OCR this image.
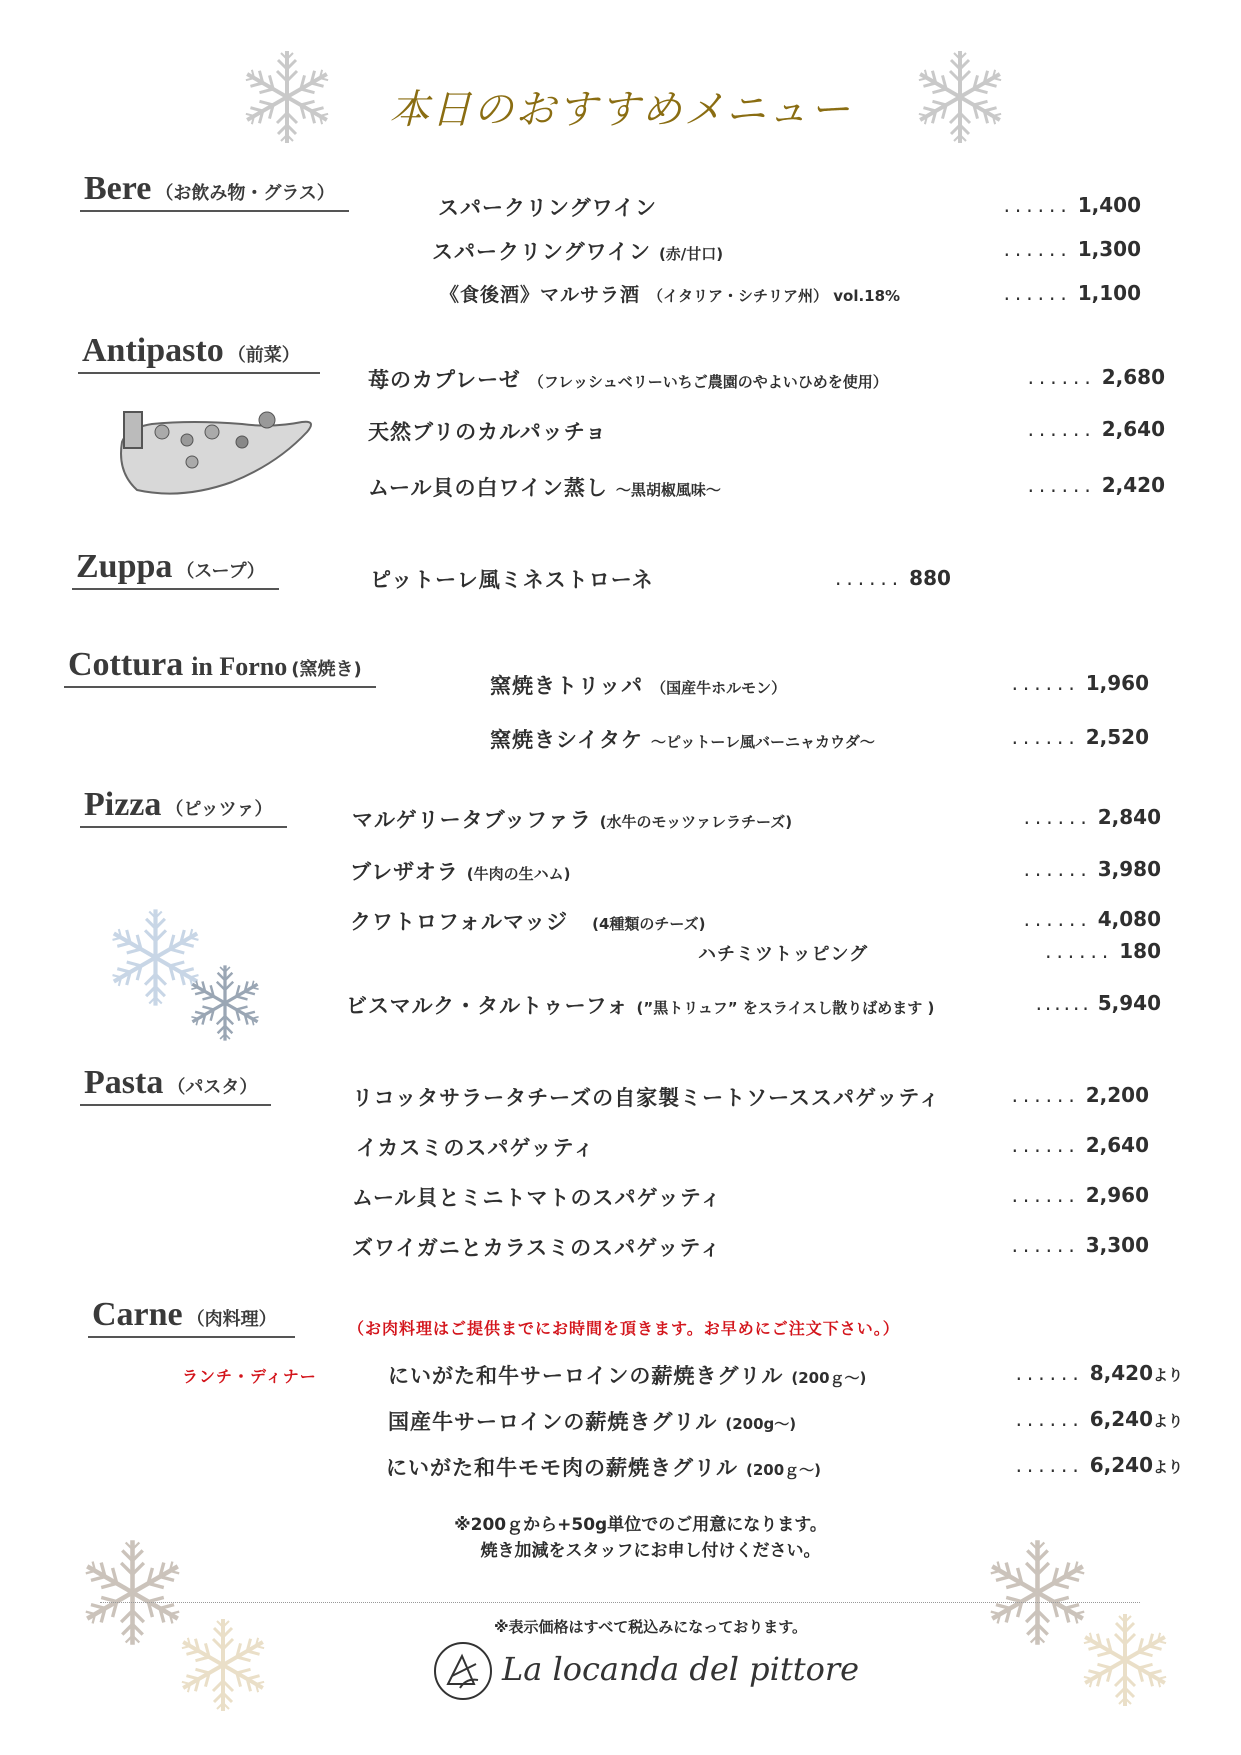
本日のおすすめメニュー
Bere （お飲み物・グラス）
スパークリングワイン	...... 1,400
スパークリングワイン (赤/甘口)	...... 1,300
《食後酒》マルサラ酒 （イタリア・シチリア州） vol.18%	...... 1,100
Antipasto （前菜）
苺のカプレーゼ （フレッシュベリーいちご農園のやよいひめを使用）	...... 2,680
天然ブリのカルパッチョ	...... 2,640
ムール貝の白ワイン蒸し 〜黒胡椒風味〜	...... 2,420
Zuppa （スープ）	ピットーレ風ミネストローネ	...... 880
Cottura in Forno (窯焼き)
窯焼きトリッパ （国産牛ホルモン）	...... 1,960
窯焼きシイタケ 〜ピットーレ風バーニャカウダ〜	...... 2,520
Pizza （ピッツァ）	マルゲリータブッファラ (水牛のモッツァレラチーズ)	...... 2,840
ブレザオラ (牛肉の生ハム)	...... 3,980
クワトロフォルマッジ (4種類のチーズ)	...... 4,080
ハチミツトッピング	...... 180
ビスマルク・タルトゥーフォ (”黒トリュフ” をスライスし散りばめます )	...... 5,940
Pasta （パスタ）	リコッタサラータチーズの自家製ミートソーススパゲッティ	...... 2,200
イカスミのスパゲッティ	...... 2,640
ムール貝とミニトマトのスパゲッティ	...... 2,960
ズワイガニとカラスミのスパゲッティ	...... 3,300
Carne （肉料理）	（お肉料理はご提供までにお時間を頂きます。お早めにご注文下さい。）
ランチ・ディナー	にいがた和牛サーロインの薪焼きグリル (200ｇ〜)	...... 8,420より
国産牛サーロインの薪焼きグリル (200g〜)	...... 6,240より
にいがた和牛モモ肉の薪焼きグリル (200ｇ〜)	...... 6,240より
※200ｇから+50g単位でのご用意になります。
焼き加減をスタッフにお申し付けください。
※表示価格はすべて税込みになっております。
La locanda del pittore
